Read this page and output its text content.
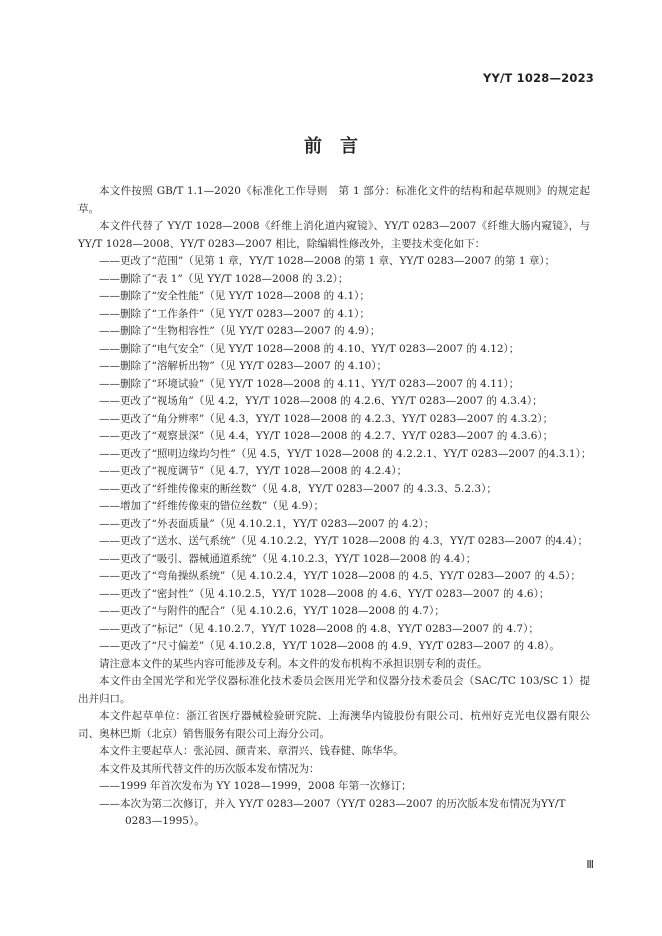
YY/T 1028—2023
前　言

本文件按照 GB/T 1.1—2020《标准化工作导则　第 1 部分：标准化文件的结构和起草规则》的规定起草。

本文件代替了 YY/T 1028—2008《纤维上消化道内窥镜》、YY/T 0283—2007《纤维大肠内窥镜》，与 YY/T 1028—2008、YY/T 0283—2007 相比，除编辑性修改外，主要技术变化如下：

——更改了“范围”（见第 1 章，YY/T 1028—2008 的第 1 章、YY/T 0283—2007 的第 1 章）；

——删除了“表 1”（见 YY/T 1028—2008 的 3.2）；

——删除了“安全性能”（见 YY/T 1028—2008 的 4.1）；

——删除了“工作条件”（见 YY/T 0283—2007 的 4.1）；

——删除了“生物相容性”（见 YY/T 0283—2007 的 4.9）；

——删除了“电气安全”（见 YY/T 1028—2008 的 4.10、YY/T 0283—2007 的 4.12）；

——删除了“溶解析出物”（见 YY/T 0283—2007 的 4.10）；

——删除了“环境试验”（见 YY/T 1028—2008 的 4.11、YY/T 0283—2007 的 4.11）；

——更改了“视场角”（见 4.2，YY/T 1028—2008 的 4.2.6、YY/T 0283—2007 的 4.3.4）；

——更改了“角分辨率”（见 4.3，YY/T 1028—2008 的 4.2.3、YY/T 0283—2007 的 4.3.2）；

——更改了“观察景深”（见 4.4，YY/T 1028—2008 的 4.2.7、YY/T 0283—2007 的 4.3.6）；

——更改了“照明边缘均匀性”（见 4.5，YY/T 1028—2008 的 4.2.2.1、YY/T 0283—2007 的4.3.1）；

——更改了“视度调节”（见 4.7，YY/T 1028—2008 的 4.2.4）；

——更改了“纤维传像束的断丝数”（见 4.8，YY/T 0283—2007 的 4.3.3、5.2.3）；

——增加了“纤维传像束的错位丝数”（见 4.9）；

——更改了“外表面质量”（见 4.10.2.1，YY/T 0283—2007 的 4.2）；

——更改了“送水、送气系统”（见 4.10.2.2，YY/T 1028—2008 的 4.3，YY/T 0283—2007 的4.4）；

——更改了“吸引、器械通道系统”（见 4.10.2.3，YY/T 1028—2008 的 4.4）；

——更改了“弯角操纵系统”（见 4.10.2.4，YY/T 1028—2008 的 4.5、YY/T 0283—2007 的 4.5）；

——更改了“密封性”（见 4.10.2.5，YY/T 1028—2008 的 4.6、YY/T 0283—2007 的 4.6）；

——更改了“与附件的配合”（见 4.10.2.6，YY/T 1028—2008 的 4.7）；

——更改了“标记”（见 4.10.2.7，YY/T 1028—2008 的 4.8、YY/T 0283—2007 的 4.7）；

——更改了“尺寸偏差”（见 4.10.2.8，YY/T 1028—2008 的 4.9、YY/T 0283—2007 的 4.8）。

请注意本文件的某些内容可能涉及专利。本文件的发布机构不承担识别专利的责任。

本文件由全国光学和光学仪器标准化技术委员会医用光学和仪器分技术委员会（SAC/TC 103/SC 1）提出并归口。

本文件起草单位：浙江省医疗器械检验研究院、上海澳华内镜股份有限公司、杭州好克光电仪器有限公司、奥林巴斯（北京）销售服务有限公司上海分公司。

本文件主要起草人：张沁园、颜青来、章渭兴、钱春健、陈华华。

本文件及其所代替文件的历次版本发布情况为：

——1999 年首次发布为 YY 1028—1999，2008 年第一次修订；

——本次为第二次修订，并入 YY/T 0283—2007（YY/T 0283—2007 的历次版本发布情况为YY/T 0283—1995）。

Ⅲ
